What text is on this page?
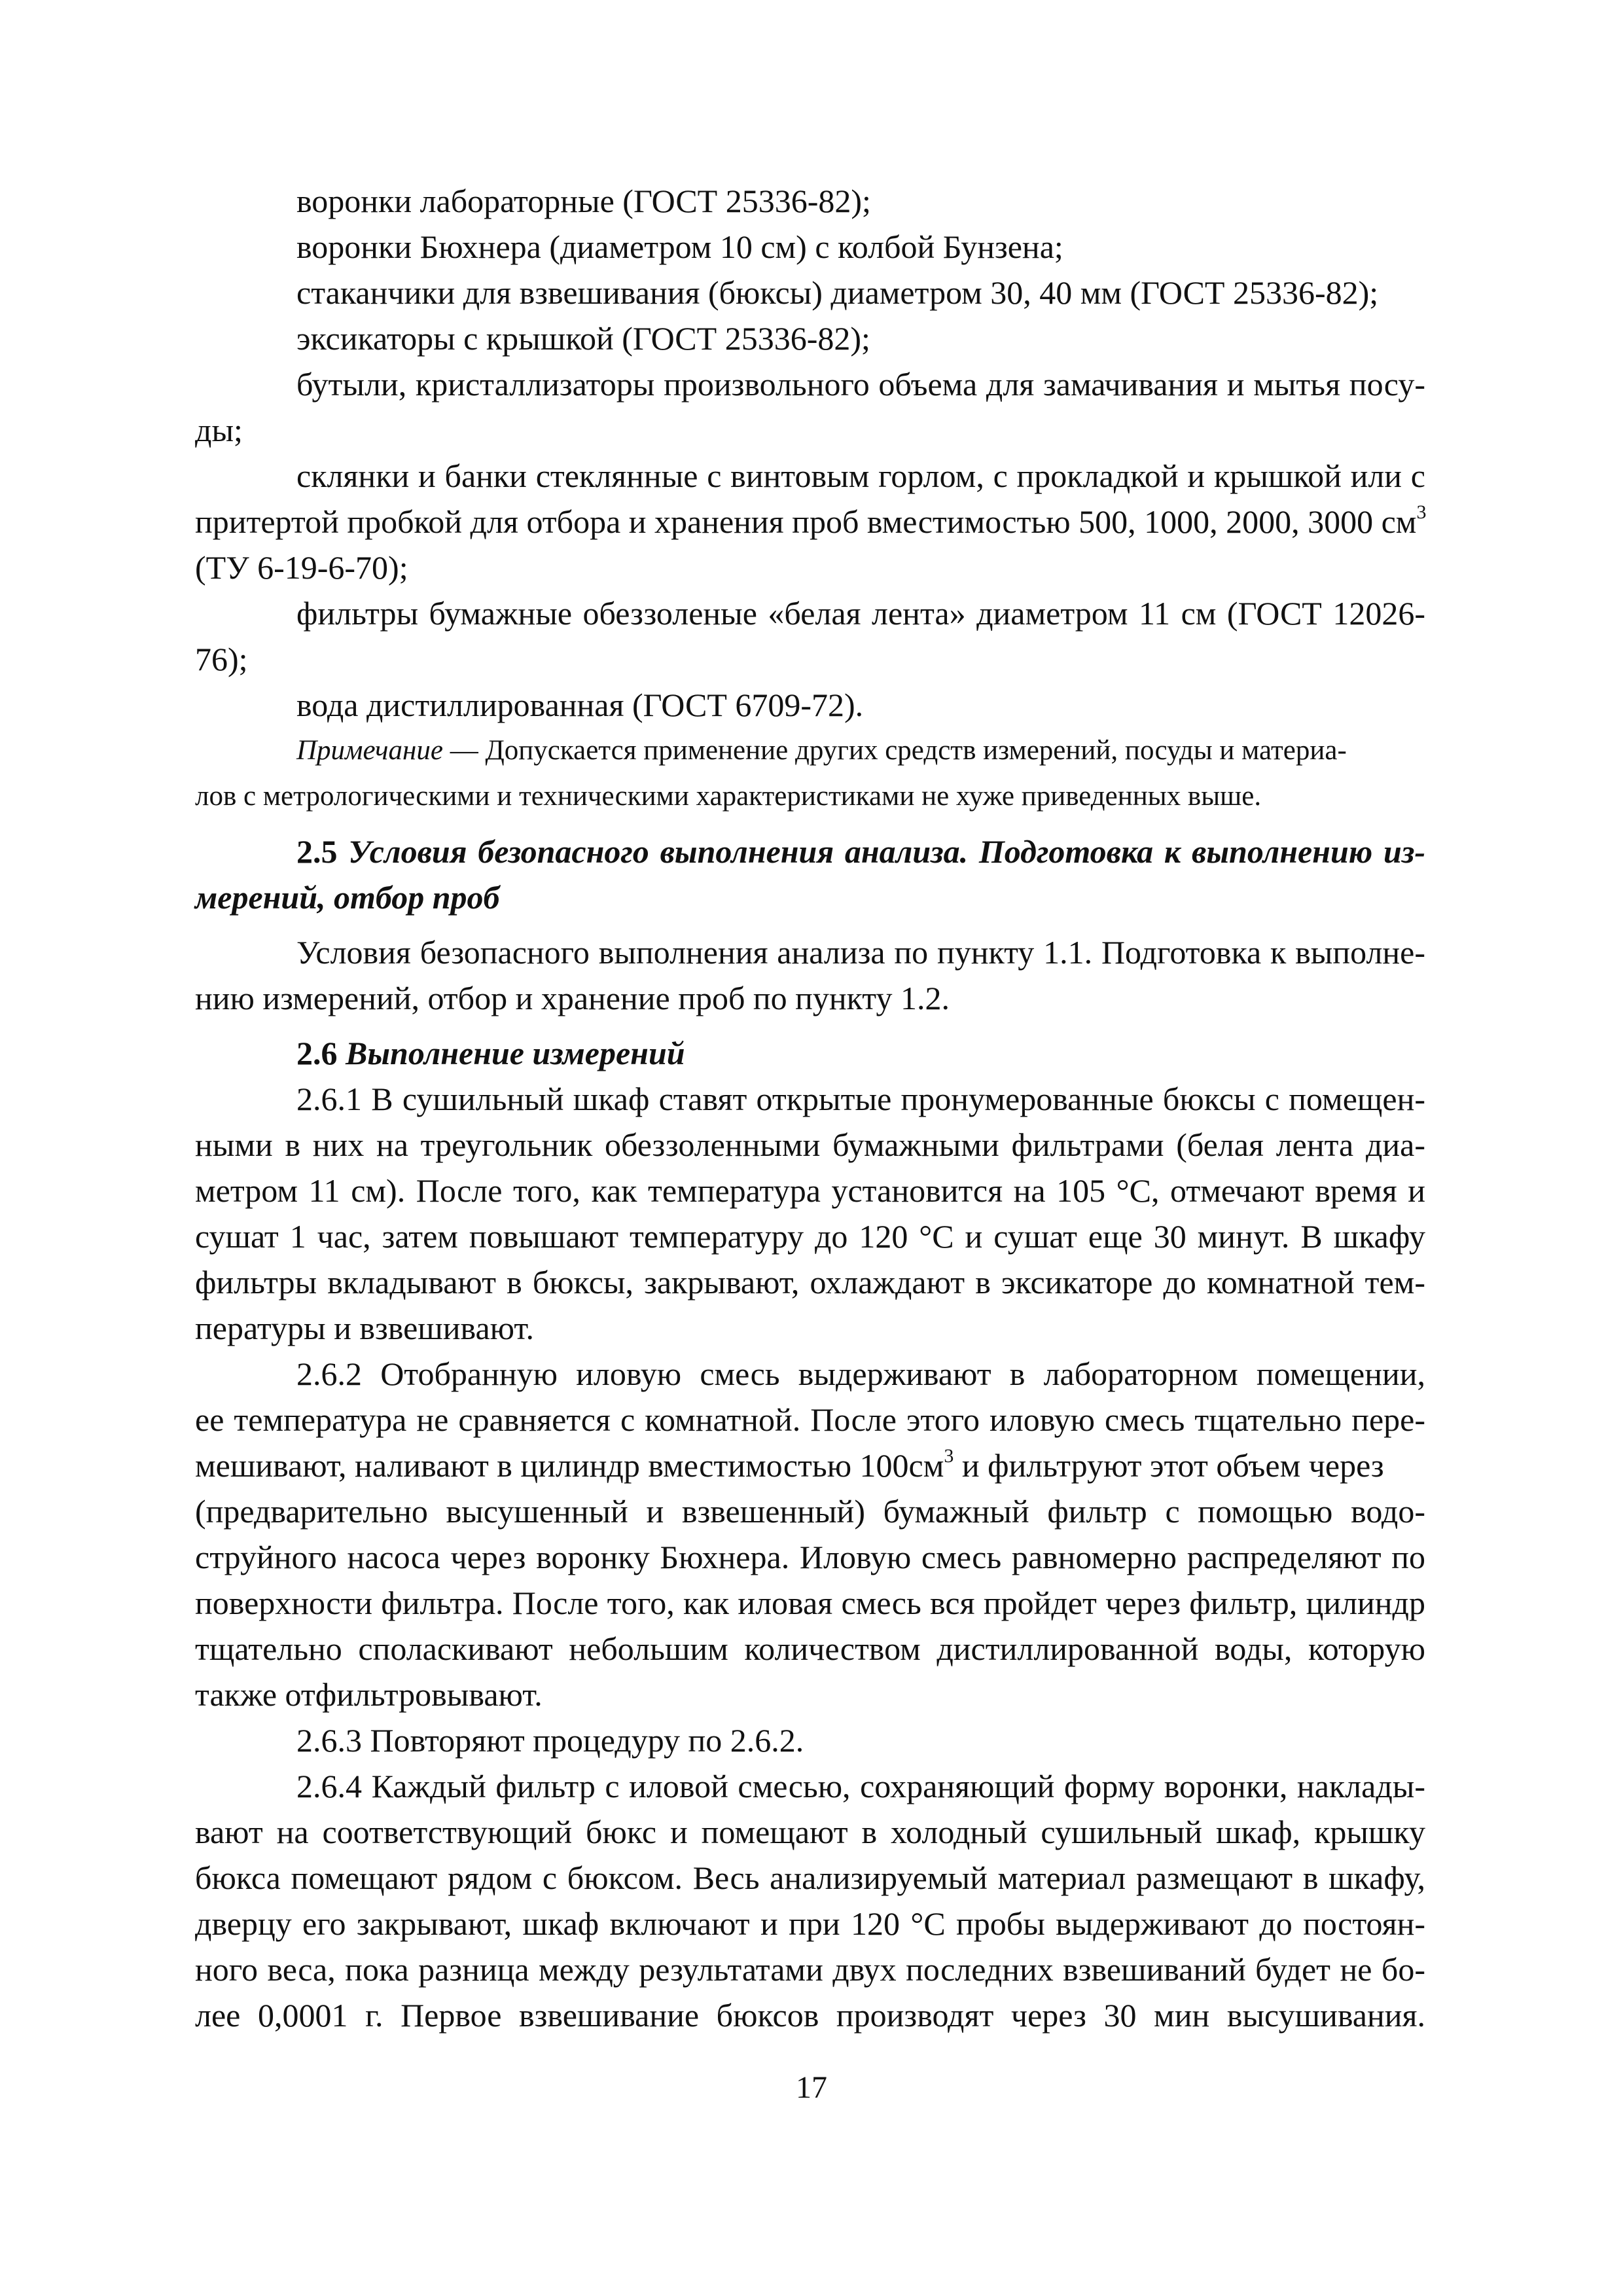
воронки лабораторные (ГОСТ 25336-82);
воронки Бюхнера (диаметром 10 см) с колбой Бунзена;
стаканчики для взвешивания (бюксы) диаметром 30, 40 мм (ГОСТ 25336-82);
эксикаторы с крышкой (ГОСТ 25336-82);
бутыли, кристаллизаторы произвольного объема для замачивания и мытья посу-
ды;
склянки и банки стеклянные с винтовым горлом, с прокладкой и крышкой или с
притертой пробкой для отбора и хранения проб вместимостью 500, 1000, 2000, 3000 $см^3$
(ТУ 6-19-6-70);
фильтры бумажные обеззоленые «белая лента» диаметром 11 см (ГОСТ 12026-
76);
вода дистиллированная (ГОСТ 6709-72).
Примечание — Допускается применение других средств измерений, посуды и материа-
лов с метрологическими и техническими характеристиками не хуже приведенных выше.
2.5 Условия безопасного выполнения анализа. Подготовка к выполнению из-
мерений, отбор проб
Условия безопасного выполнения анализа по пункту 1.1. Подготовка к выполне-
нию измерений, отбор и хранение проб по пункту 1.2.
2.6 Выполнение измерений
2.6.1 В сушильный шкаф ставят открытые пронумерованные бюксы с помещен-
ными в них на треугольник обеззоленными бумажными фильтрами (белая лента диа-
метром 11 см). После того, как температура установится на 105 °С, отмечают время и
сушат 1 час, затем повышают температуру до 120 °С и сушат еще 30 минут. В шкафу
фильтры вкладывают в бюксы, закрывают, охлаждают в эксикаторе до комнатной тем-
пературы и взвешивают.
2.6.2 Отобранную иловую смесь выдерживают в лабораторном помещении,
ее температура не сравняется с комнатной. После этого иловую смесь тщательно пере-
мешивают, наливают в цилиндр вместимостью $100см^3$ и фильтруют этот объем через
(предварительно высушенный и взвешенный) бумажный фильтр с помощью водо-
струйного насоса через воронку Бюхнера. Иловую смесь равномерно распределяют по
поверхности фильтра. После того, как иловая смесь вся пройдет через фильтр, цилиндр
тщательно споласкивают небольшим количеством дистиллированной воды, которую
также отфильтровывают.
2.6.3 Повторяют процедуру по 2.6.2.
2.6.4 Каждый фильтр с иловой смесью, сохраняющий форму воронки, наклады-
вают на соответствующий бюкс и помещают в холодный сушильный шкаф, крышку
бюкса помещают рядом с бюксом. Весь анализируемый материал размещают в шкафу,
дверцу его закрывают, шкаф включают и при 120 °С пробы выдерживают до постоян-
ного веса, пока разница между результатами двух последних взвешиваний будет не бо-
лее 0,0001 г. Первое взвешивание бюксов производят через 30 мин высушивания.
17
